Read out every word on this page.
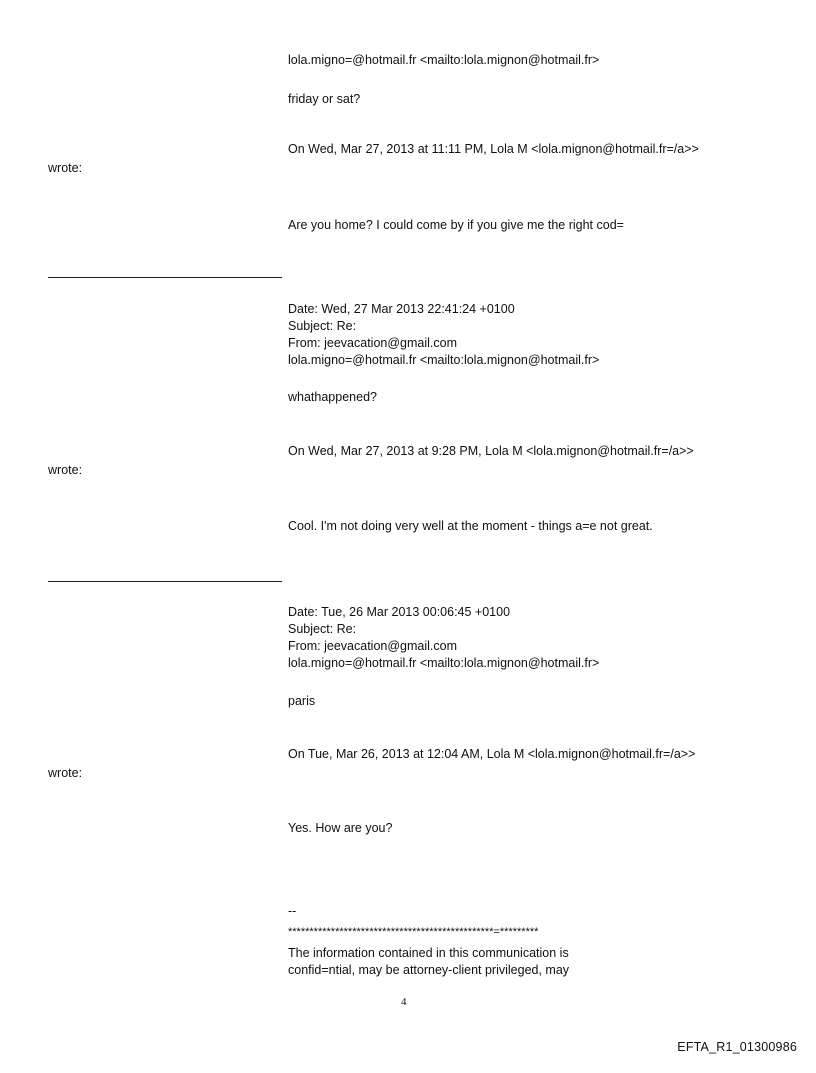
lola.migno=@hotmail.fr <mailto:lola.mignon@hotmail.fr>
friday or sat?
On Wed, Mar 27, 2013 at 11:11 PM, Lola M <lola.mignon@hotmail.fr=/a>>
wrote:
Are you home? I could come by if you give me the right cod=
Date: Wed, 27 Mar 2013 22:41:24 +0100
Subject: Re:
From: jeevacation@gmail.com
lola.migno=@hotmail.fr <mailto:lola.mignon@hotmail.fr>
whathappened?
On Wed, Mar 27, 2013 at 9:28 PM, Lola M <lola.mignon@hotmail.fr=/a>>
wrote:
Cool. I'm not doing very well at the moment - things a=e not great.
Date: Tue, 26 Mar 2013 00:06:45 +0100
Subject: Re:
From: jeevacation@gmail.com
lola.migno=@hotmail.fr <mailto:lola.mignon@hotmail.fr>
paris
On Tue, Mar 26, 2013 at 12:04 AM, Lola M <lola.mignon@hotmail.fr=/a>>
wrote:
Yes. How are you?
--
************************************************=*********
The information contained in this communication is
confid=ntial, may be attorney-client privileged, may
4
EFTA_R1_01300986
